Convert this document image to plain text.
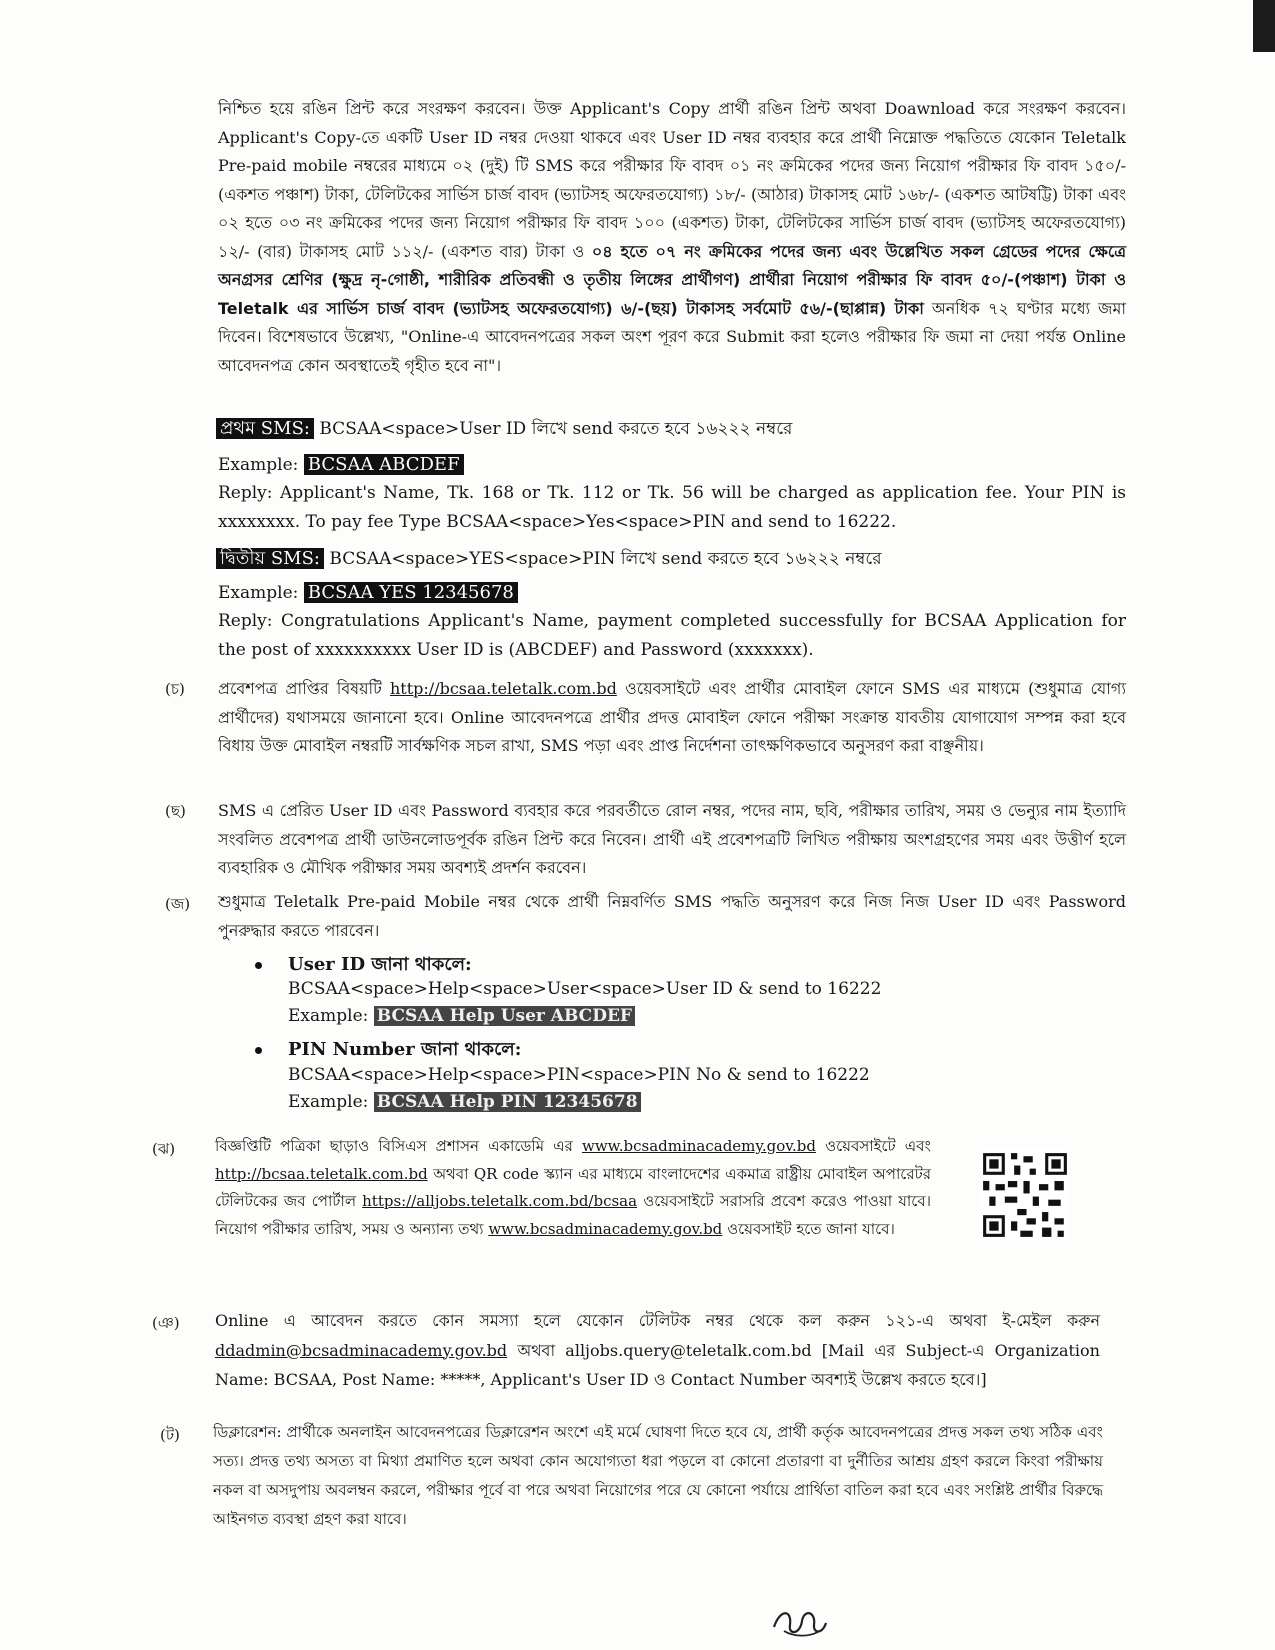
নিশ্চিত হয়ে রঙিন প্রিন্ট করে সংরক্ষণ করবেন। উক্ত Applicant's Copy প্রার্থী রঙিন প্রিন্ট অথবা Doawnload করে সংরক্ষণ করবেন। Applicant's Copy-তে একটি User ID নম্বর দেওয়া থাকবে এবং User ID নম্বর ব্যবহার করে প্রার্থী নিম্নোক্ত পদ্ধতিতে যেকোন Teletalk Pre-paid mobile নম্বরের মাধ্যমে ০২ (দুই) টি SMS করে পরীক্ষার ফি বাবদ ০১ নং ক্রমিকের পদের জন্য নিয়োগ পরীক্ষার ফি বাবদ ১৫০/- (একশত পঞ্চাশ) টাকা, টেলিটকের সার্ভিস চার্জ বাবদ (ভ্যাটসহ অফেরতযোগ্য) ১৮/- (আঠার) টাকাসহ মোট ১৬৮/- (একশত আটষট্টি) টাকা এবং ০২ হতে ০৩ নং ক্রমিকের পদের জন্য নিয়োগ পরীক্ষার ফি বাবদ ১০০ (একশত) টাকা, টেলিটকের সার্ভিস চার্জ বাবদ (ভ্যাটসহ অফেরতযোগ্য) ১২/- (বার) টাকাসহ মোট ১১২/- (একশত বার) টাকা ও ০৪ হতে ০৭ নং ক্রমিকের পদের জন্য এবং উল্লেখিত সকল গ্রেডের পদের ক্ষেত্রে অনগ্রসর শ্রেণির (ক্ষুদ্র নৃ-গোষ্ঠী, শারীরিক প্রতিবন্ধী ও তৃতীয় লিঙ্গের প্রার্থীগণ) প্রার্থীরা নিয়োগ পরীক্ষার ফি বাবদ ৫০/-(পঞ্চাশ) টাকা ও Teletalk এর সার্ভিস চার্জ বাবদ (ভ্যাটসহ অফেরতযোগ্য) ৬/-(ছয়) টাকাসহ সর্বমোট ৫৬/-(ছাপ্পান্ন) টাকা অনধিক ৭২ ঘণ্টার মধ্যে জমা দিবেন। বিশেষভাবে উল্লেখ্য, "Online-এ আবেদনপত্রের সকল অংশ পূরণ করে Submit করা হলেও পরীক্ষার ফি জমা না দেয়া পর্যন্ত Online আবেদনপত্র কোন অবস্থাতেই গৃহীত হবে না"।

প্রথম SMS: BCSAA<space>User ID লিখে send করতে হবে ১৬২২২ নম্বরে

Example: BCSAA ABCDEF

Reply: Applicant's Name, Tk. 168 or Tk. 112 or Tk. 56 will be charged as application fee. Your PIN is xxxxxxxx. To pay fee Type BCSAA<space>Yes<space>PIN and send to 16222.

দ্বিতীয় SMS: BCSAA<space>YES<space>PIN লিখে send করতে হবে ১৬২২২ নম্বরে

Example: BCSAA YES 12345678

Reply: Congratulations Applicant's Name, payment completed successfully for BCSAA Application for the post of xxxxxxxxxx User ID is (ABCDEF) and Password (xxxxxxx).

(চ) প্রবেশপত্র প্রাপ্তির বিষয়টি http://bcsaa.teletalk.com.bd ওয়েবসাইটে এবং প্রার্থীর মোবাইল ফোনে SMS এর মাধ্যমে (শুধুমাত্র যোগ্য প্রার্থীদের) যথাসময়ে জানানো হবে। Online আবেদনপত্রে প্রার্থীর প্রদত্ত মোবাইল ফোনে পরীক্ষা সংক্রান্ত যাবতীয় যোগাযোগ সম্পন্ন করা হবে বিধায় উক্ত মোবাইল নম্বরটি সার্বক্ষণিক সচল রাখা, SMS পড়া এবং প্রাপ্ত নির্দেশনা তাৎক্ষণিকভাবে অনুসরণ করা বাঞ্ছনীয়।

(ছ) SMS এ প্রেরিত User ID এবং Password ব্যবহার করে পরবর্তীতে রোল নম্বর, পদের নাম, ছবি, পরীক্ষার তারিখ, সময় ও ভেন্যুর নাম ইত্যাদি সংবলিত প্রবেশপত্র প্রার্থী ডাউনলোডপূর্বক রঙিন প্রিন্ট করে নিবেন। প্রার্থী এই প্রবেশপত্রটি লিখিত পরীক্ষায় অংশগ্রহণের সময় এবং উত্তীর্ণ হলে ব্যবহারিক ও মৌখিক পরীক্ষার সময় অবশ্যই প্রদর্শন করবেন।

(জ) শুধুমাত্র Teletalk Pre-paid Mobile নম্বর থেকে প্রার্থী নিম্নবর্ণিত SMS পদ্ধতি অনুসরণ করে নিজ নিজ User ID এবং Password পুনরুদ্ধার করতে পারবেন।

User ID জানা থাকলে:

BCSAA<space>Help<space>User<space>User ID & send to 16222

Example: BCSAA Help User ABCDEF

PIN Number জানা থাকলে:

BCSAA<space>Help<space>PIN<space>PIN No & send to 16222

Example: BCSAA Help PIN 12345678

(ঝ)	বিজ্ঞপ্তিটি পত্রিকা ছাড়াও বিসিএস প্রশাসন একাডেমি এর www.bcsadminacademy.gov.bd ওয়েবসাইটে এবং http://bcsaa.teletalk.com.bd অথবা QR code স্ক্যান এর মাধ্যমে বাংলাদেশের একমাত্র রাষ্ট্রীয় মোবাইল অপারেটর টেলিটকের জব পোর্টাল https://alljobs.teletalk.com.bd/bcsaa ওয়েবসাইটে সরাসরি প্রবেশ করেও পাওয়া যাবে। নিয়োগ পরীক্ষার তারিখ, সময় ও অন্যান্য তথ্য www.bcsadminacademy.gov.bd ওয়েবসাইট হতে জানা যাবে।

(ঞ) Online এ আবেদন করতে কোন সমস্যা হলে যেকোন টেলিটক নম্বর থেকে কল করুন ১২১-এ অথবা ই-মেইল করুন ddadmin@bcsadminacademy.gov.bd অথবা alljobs.query@teletalk.com.bd [Mail এর Subject-এ Organization Name: BCSAA, Post Name: *****, Applicant's User ID ও Contact Number অবশ্যই উল্লেখ করতে হবে।]

(ট) ডিক্লারেশন: প্রার্থীকে অনলাইন আবেদনপত্রের ডিক্লারেশন অংশে এই মর্মে ঘোষণা দিতে হবে যে, প্রার্থী কর্তৃক আবেদনপত্রের প্রদত্ত সকল তথ্য সঠিক এবং সত্য। প্রদত্ত তথ্য অসত্য বা মিথ্যা প্রমাণিত হলে অথবা কোন অযোগ্যতা ধরা পড়লে বা কোনো প্রতারণা বা দুর্নীতির আশ্রয় গ্রহণ করলে কিংবা পরীক্ষায় নকল বা অসদুপায় অবলম্বন করলে, পরীক্ষার পূর্বে বা পরে অথবা নিয়োগের পরে যে কোনো পর্যায়ে প্রার্থিতা বাতিল করা হবে এবং সংশ্লিষ্ট প্রার্থীর বিরুদ্ধে আইনগত ব্যবস্থা গ্রহণ করা যাবে।
